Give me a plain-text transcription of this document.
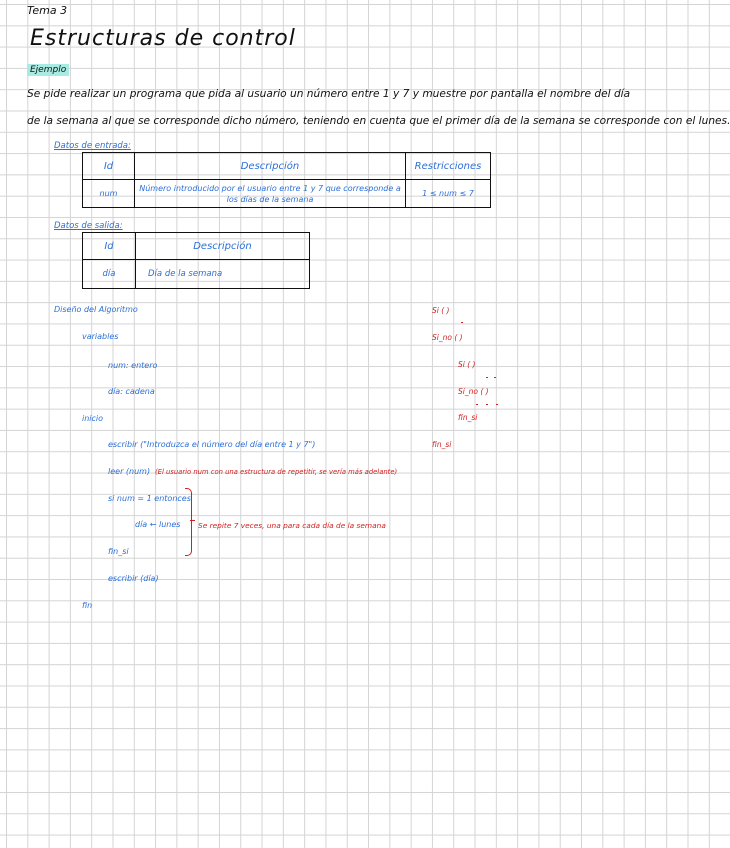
Tema 3
Estructuras de control
Ejemplo
Se pide realizar un programa que pida al usuario un número entre 1 y 7 y muestre por pantalla el nombre del día
de la semana al que se corresponde dicho número, teniendo en cuenta que el primer día de la semana se corresponde con el lunes.
Datos de entrada:
Id	Descripción	Restricciones
num	Número introducido por el usuario entre 1 y 7 que corresponde a los días de la semana	1 ≤ num ≤ 7
Datos de salida:
Id	Descripción
día	Día de la semana
Diseño del Algoritmo
variables
num: entero
día: cadena
inicio
escribir ("Introduzca el número del día entre 1 y 7")
leer (num) (El usuario num con una estructura de repetitir, se vería más adelante)
si num = 1 entonces
día ← lunes
fin_si
escribir (día)
fin
Se repite 7 veces, una para cada día de la semana
Si ( )
Si_no ( )
Si ( )
Si_no ( )
fin_si
fin_si
